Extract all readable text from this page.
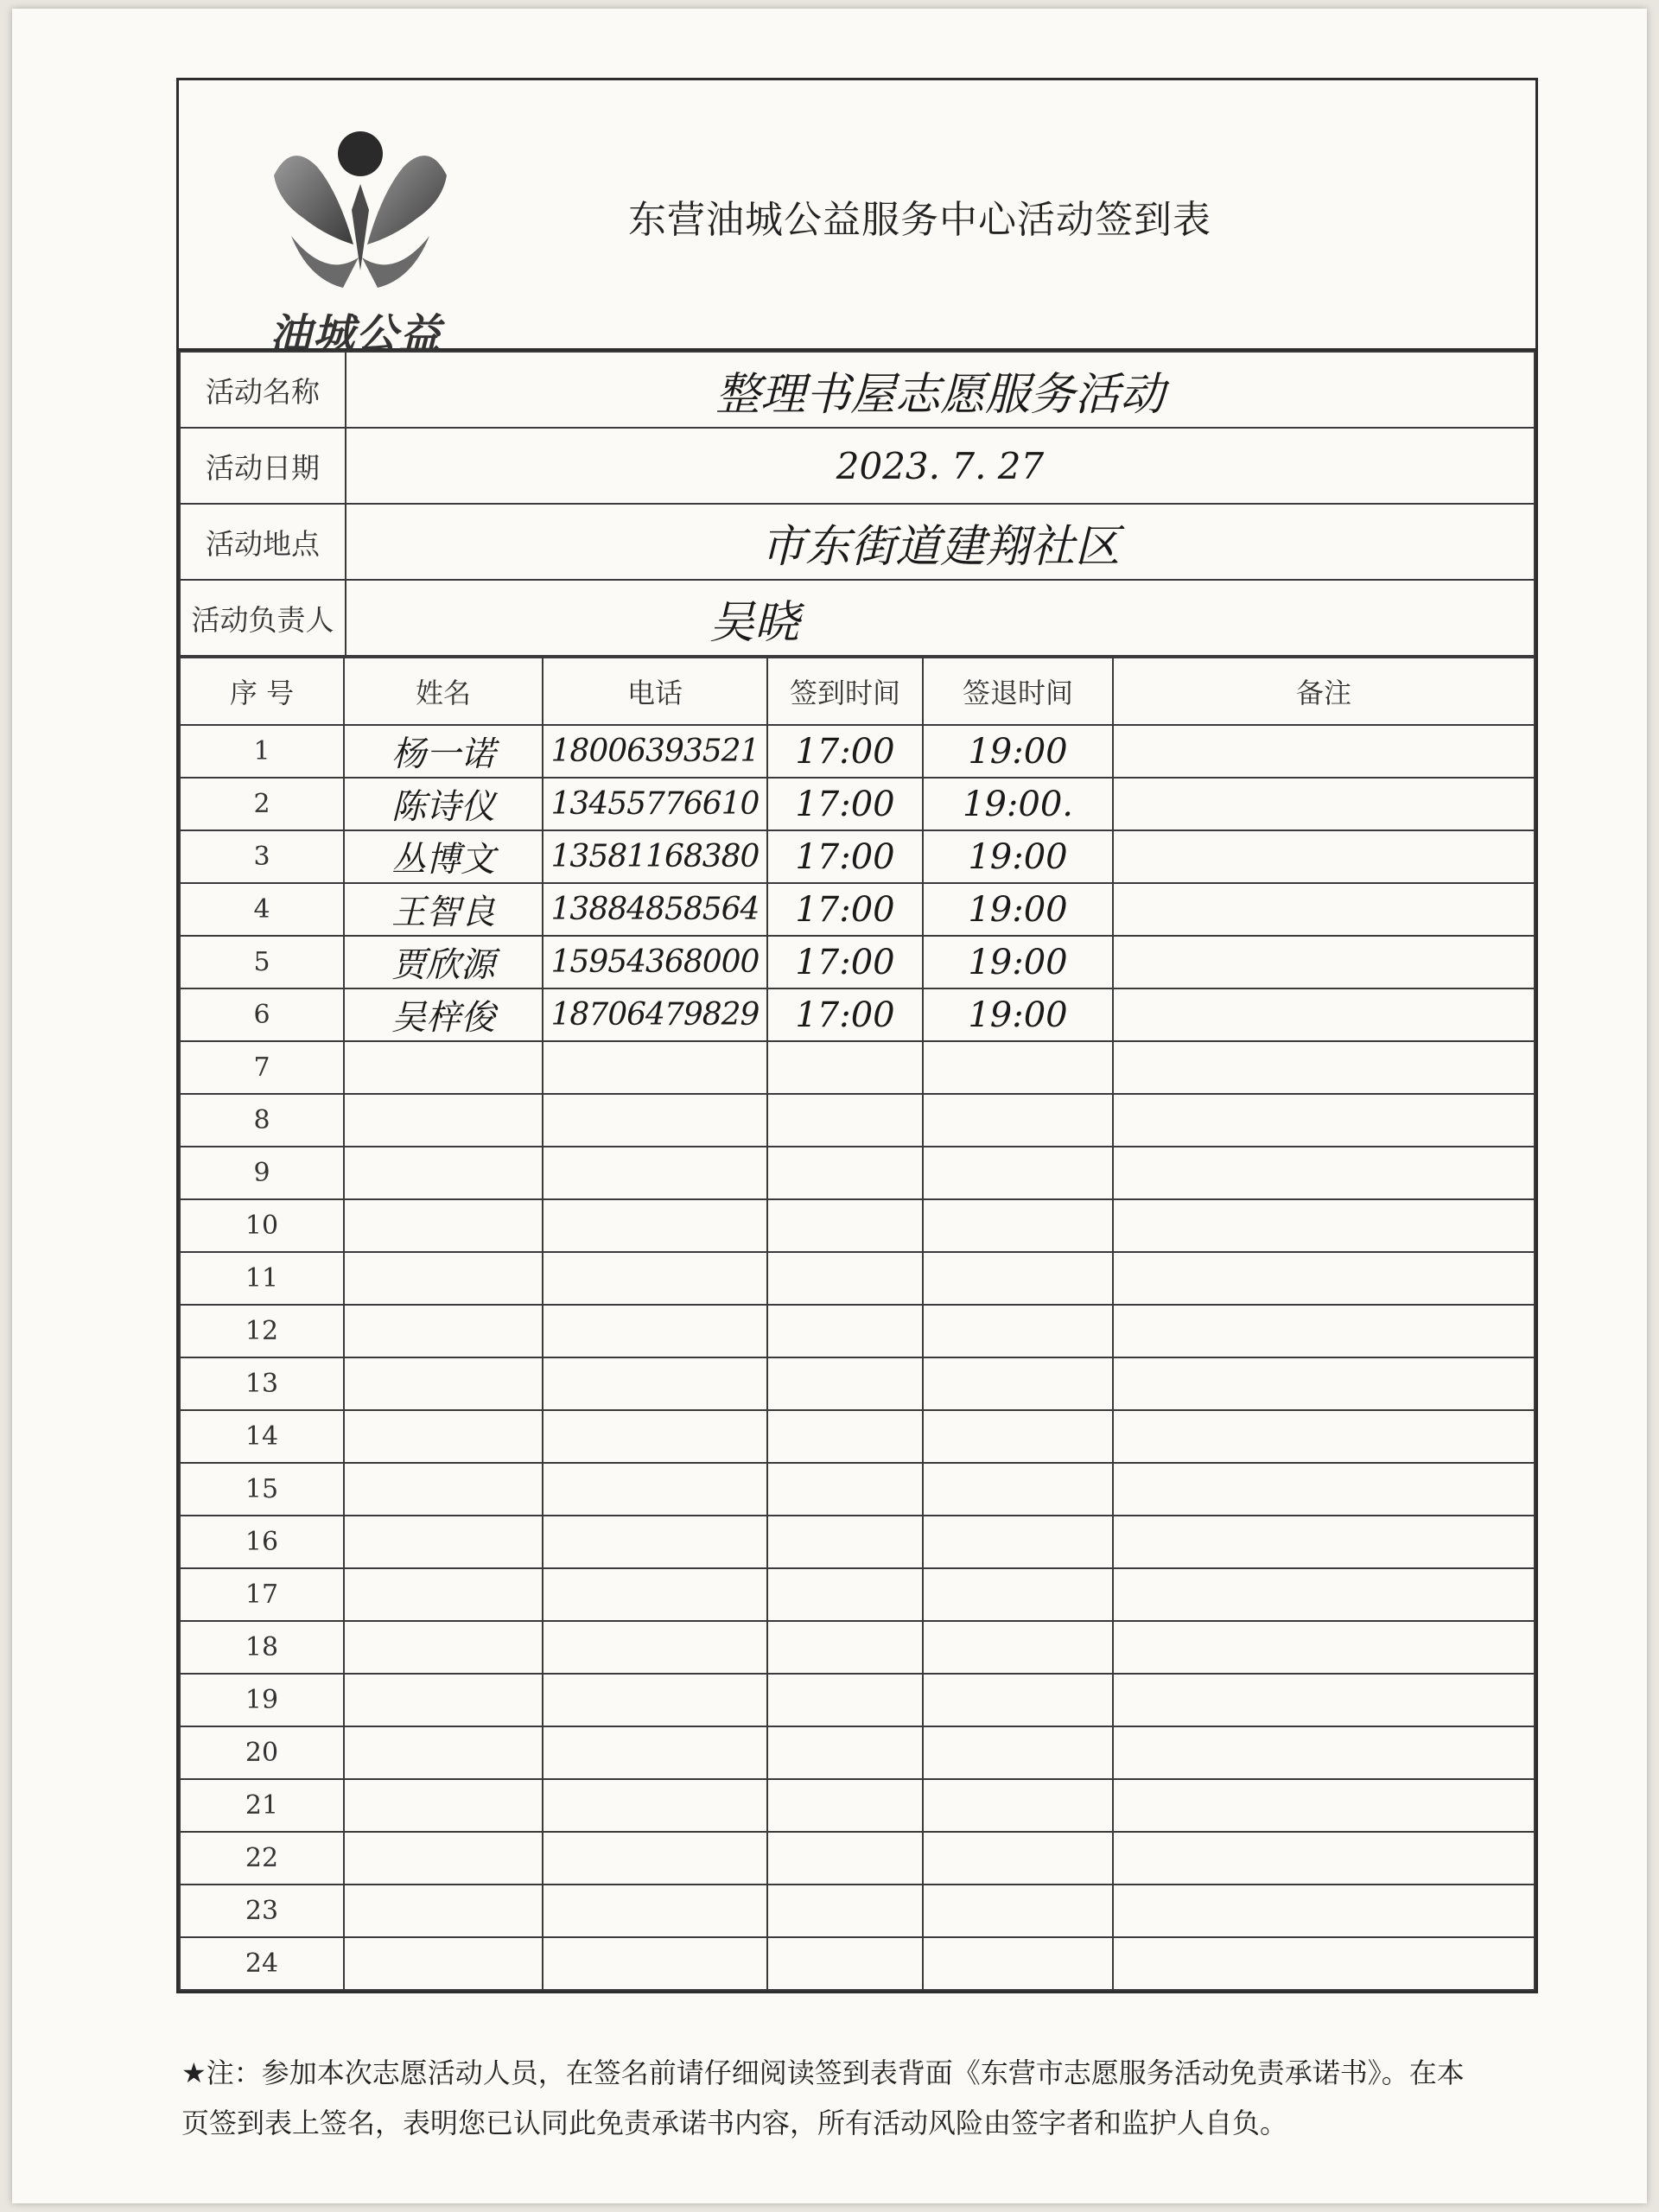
油城公益
东营油城公益服务中心活动签到表
活动名称	整理书屋志愿服务活动
活动日期	2023. 7. 27
活动地点	市东街道建翔社区
活动负责人	吴晓
序 号	姓名	电话	签到时间	签退时间	备注
1	杨一诺	18006393521	17:00	19:00	
2	陈诗仪	13455776610	17:00	19:00.	
3	丛博文	13581168380	17:00	19:00	
4	王智良	13884858564	17:00	19:00	
5	贾欣源	15954368000	17:00	19:00	
6	吴梓俊	18706479829	17:00	19:00	
7					
8					
9					
10					
11					
12					
13					
14					
15					
16					
17					
18					
19					
20					
21					
22					
23					
24					
★注：参加本次志愿活动人员，在签名前请仔细阅读签到表背面《东营市志愿服务活动免责承诺书》。在本页签到表上签名，表明您已认同此免责承诺书内容，所有活动风险由签字者和监护人自负。
